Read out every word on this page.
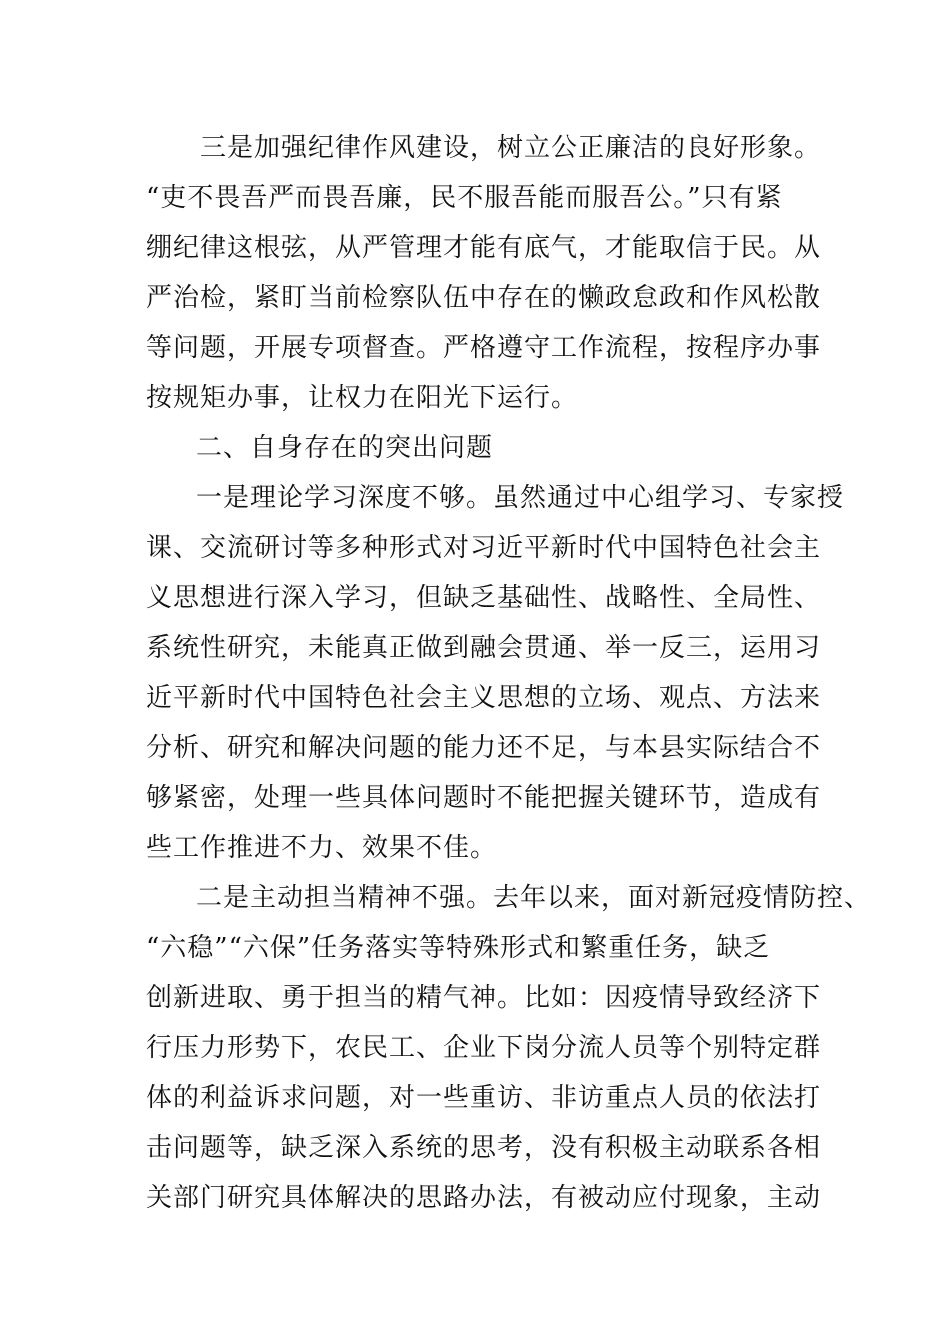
三是加强纪律作风建设，树立公正廉洁的良好形象。
“吏不畏吾严而畏吾廉，民不服吾能而服吾公。”只有紧
绷纪律这根弦，从严管理才能有底气，才能取信于民。从
严治检，紧盯当前检察队伍中存在的懒政怠政和作风松散
等问题，开展专项督查。严格遵守工作流程，按程序办事
按规矩办事，让权力在阳光下运行。
二、自身存在的突出问题
一是理论学习深度不够。虽然通过中心组学习、专家授
课、交流研讨等多种形式对习近平新时代中国特色社会主
义思想进行深入学习，但缺乏基础性、战略性、全局性、
系统性研究，未能真正做到融会贯通、举一反三，运用习
近平新时代中国特色社会主义思想的立场、观点、方法来
分析、研究和解决问题的能力还不足，与本县实际结合不
够紧密，处理一些具体问题时不能把握关键环节，造成有
些工作推进不力、效果不佳。
二是主动担当精神不强。去年以来，面对新冠疫情防控、
“六稳”“六保”任务落实等特殊形式和繁重任务，缺乏
创新进取、勇于担当的精气神。比如：因疫情导致经济下
行压力形势下，农民工、企业下岗分流人员等个别特定群
体的利益诉求问题，对一些重访、非访重点人员的依法打
击问题等，缺乏深入系统的思考，没有积极主动联系各相
关部门研究具体解决的思路办法，有被动应付现象，主动
